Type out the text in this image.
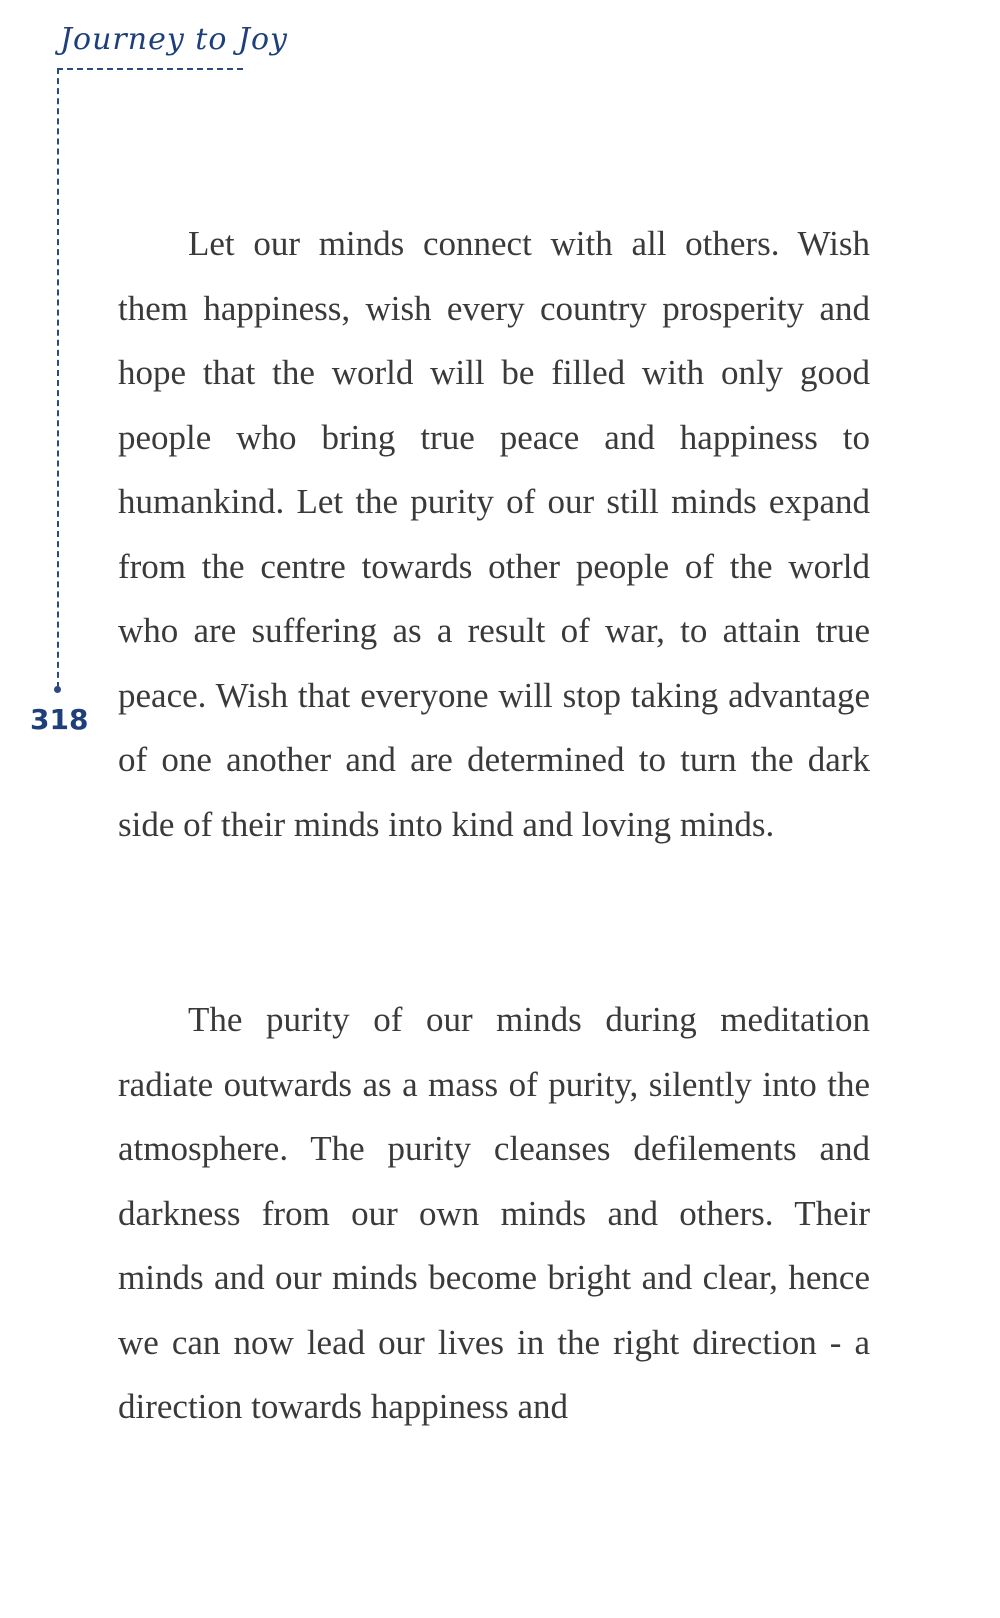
Journey to Joy
318

Let our minds connect with all others. Wish them happiness, wish every country prosperity and hope that the world will be filled with only good people who bring true peace and happiness to humankind. Let the purity of our still minds expand from the centre towards other people of the world who are suffering as a result of war, to attain true peace. Wish that everyone will stop taking advantage of one another and are determined to turn the dark side of their minds into kind and loving minds.

The purity of our minds during meditation radiate outwards as a mass of purity, silently into the atmosphere. The purity cleanses defilements and darkness from our own minds and others. Their minds and our minds become bright and clear, hence we can now lead our lives in the right direction - a direction towards happiness and
